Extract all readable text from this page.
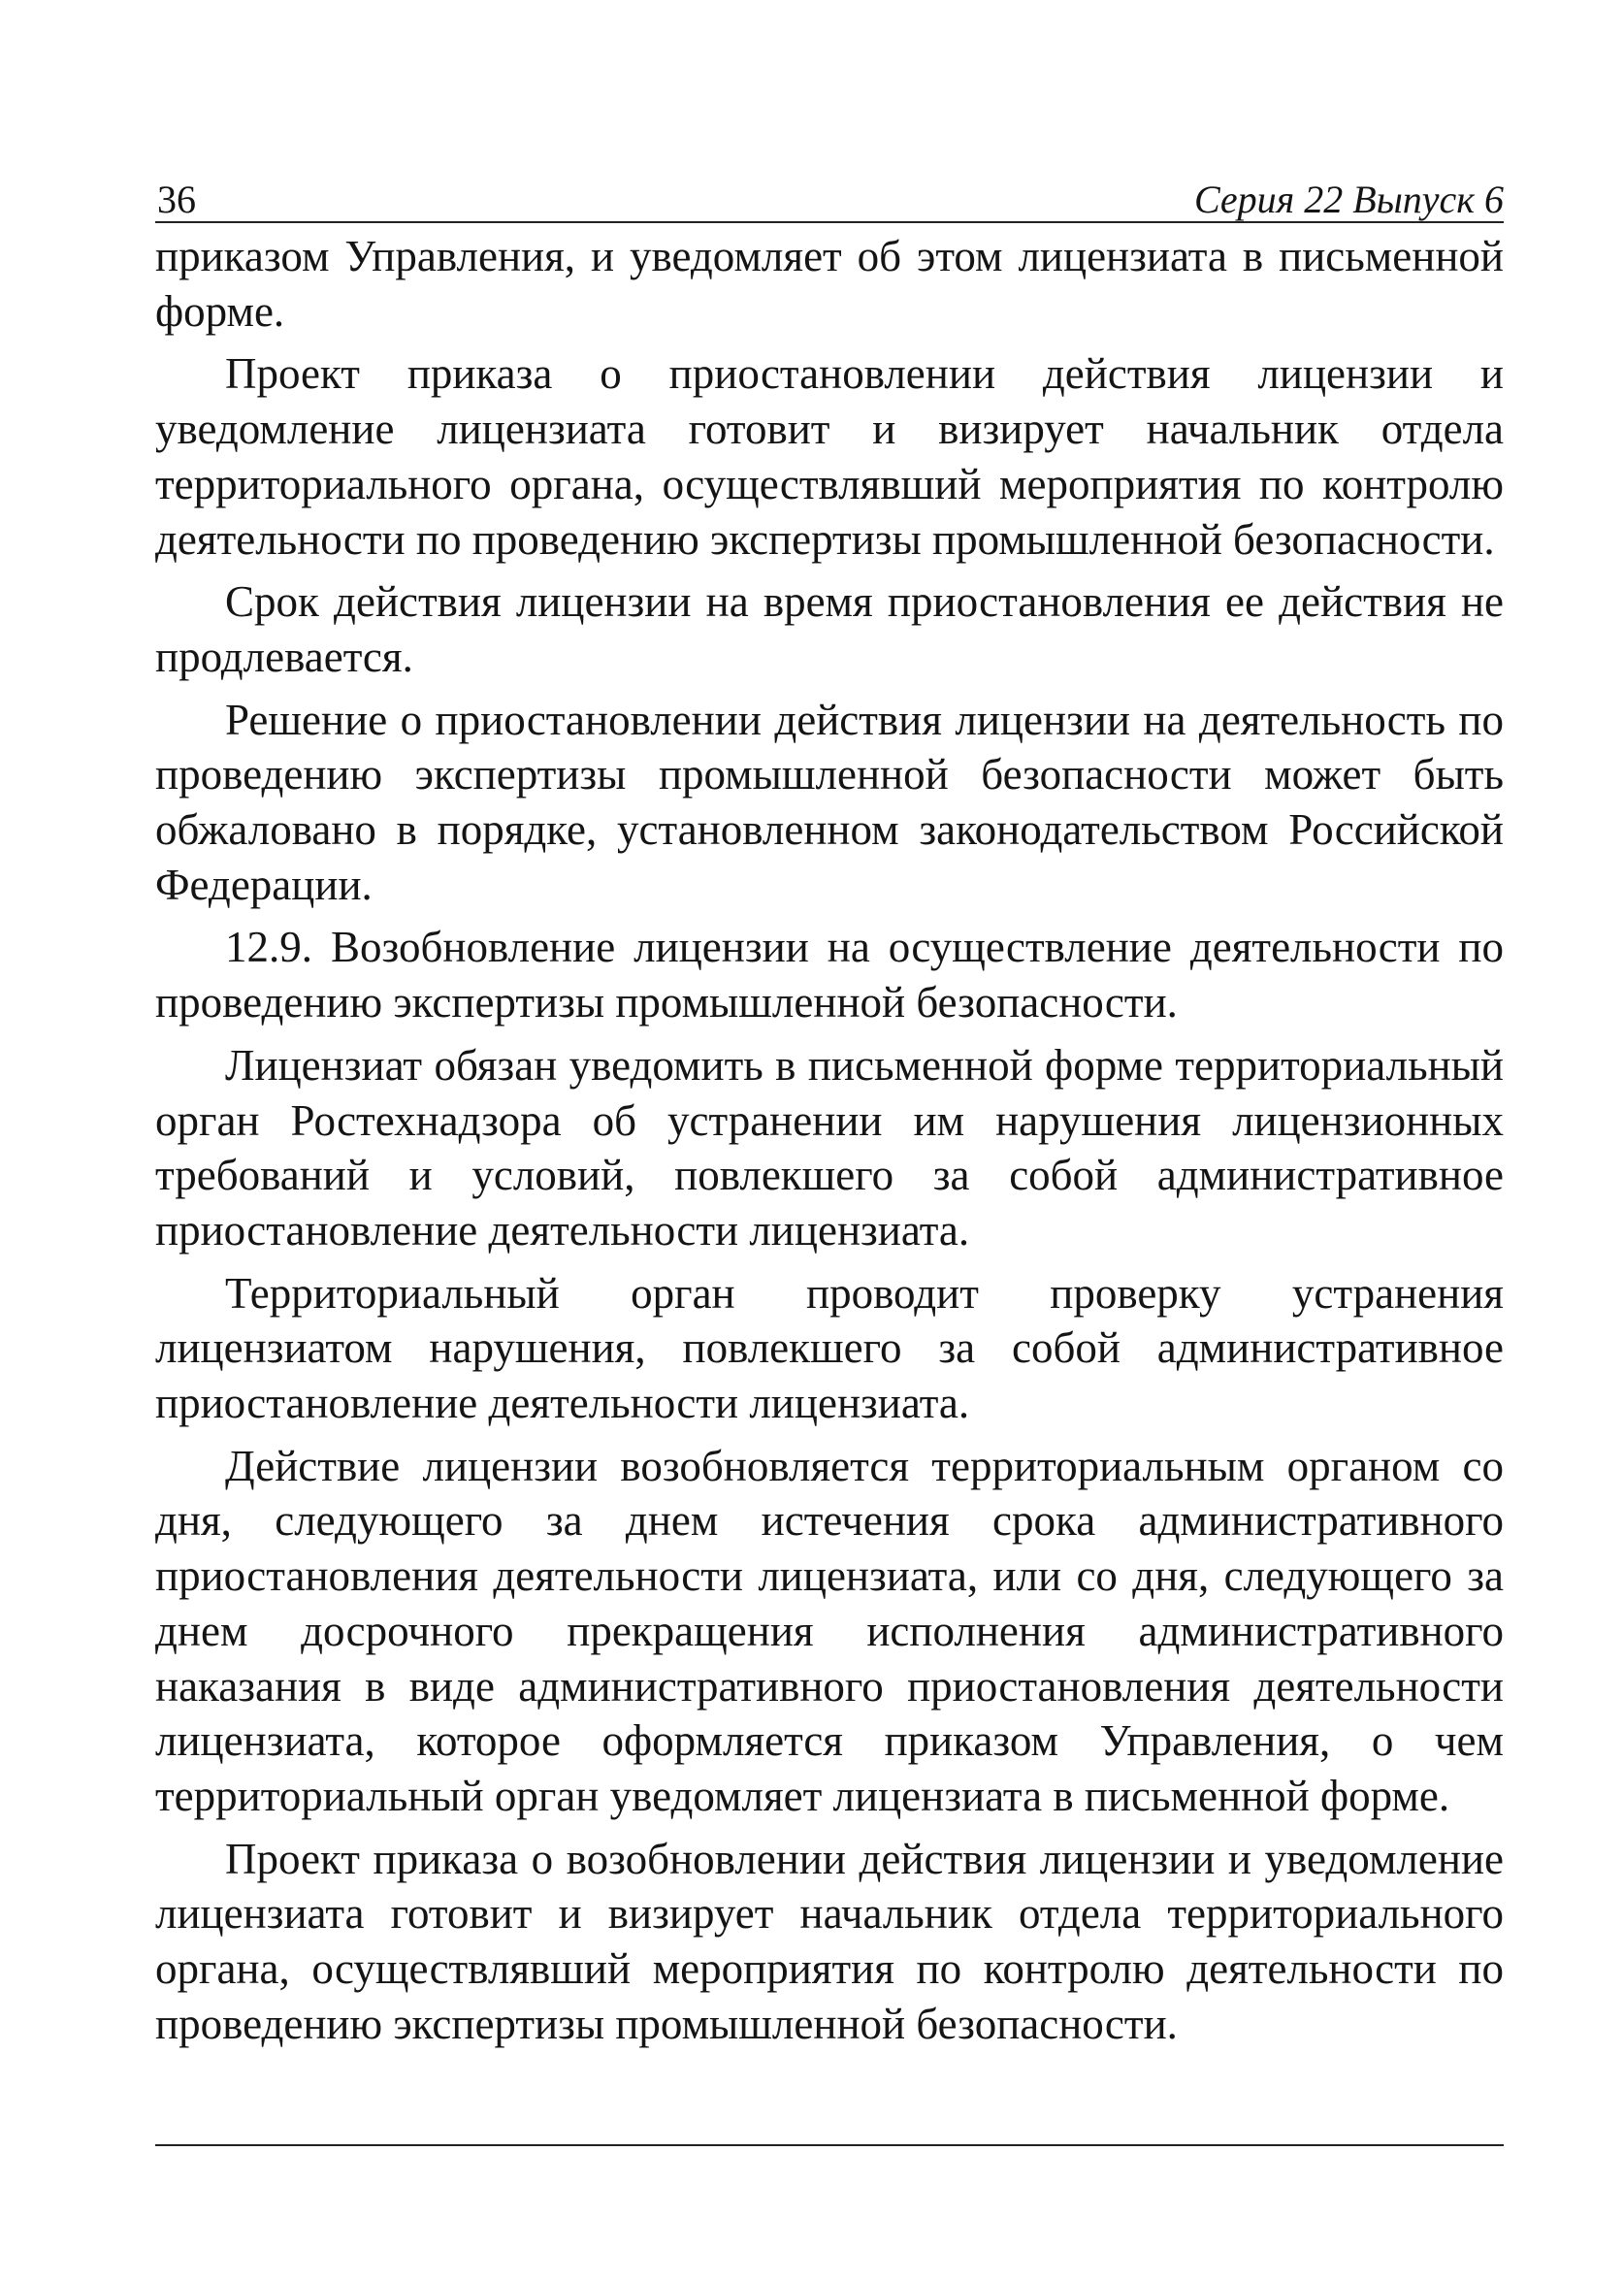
36	Серия 22 Выпуск 6

приказом Управления, и уведомляет об этом лицензиата в письменной форме.

Проект приказа о приостановлении действия лицензии и уведомление лицензиата готовит и визирует начальник отдела территориального органа, осуществлявший мероприятия по контролю деятельности по проведению экспертизы промышленной безопасности.

Срок действия лицензии на время приостановления ее действия не продлевается.

Решение о приостановлении действия лицензии на деятельность по проведению экспертизы промышленной безопасности может быть обжаловано в порядке, установленном законодательством Российской Федерации.

12.9. Возобновление лицензии на осуществление деятельности по проведению экспертизы промышленной безопасности.

Лицензиат обязан уведомить в письменной форме территориальный орган Ростехнадзора об устранении им нарушения лицензионных требований и условий, повлекшего за собой административное приостановление деятельности лицензиата.

Территориальный орган проводит проверку устранения лицензиатом нарушения, повлекшего за собой административное приостановление деятельности лицензиата.

Действие лицензии возобновляется территориальным органом со дня, следующего за днем истечения срока административного приостановления деятельности лицензиата, или со дня, следующего за днем досрочного прекращения исполнения административного наказания в виде административного приостановления деятельности лицензиата, которое оформляется приказом Управления, о чем территориальный орган уведомляет лицензиата в письменной форме.

Проект приказа о возобновлении действия лицензии и уведомление лицензиата готовит и визирует начальник отдела территориального органа, осуществлявший мероприятия по контролю деятельности по проведению экспертизы промышленной безопасности.
